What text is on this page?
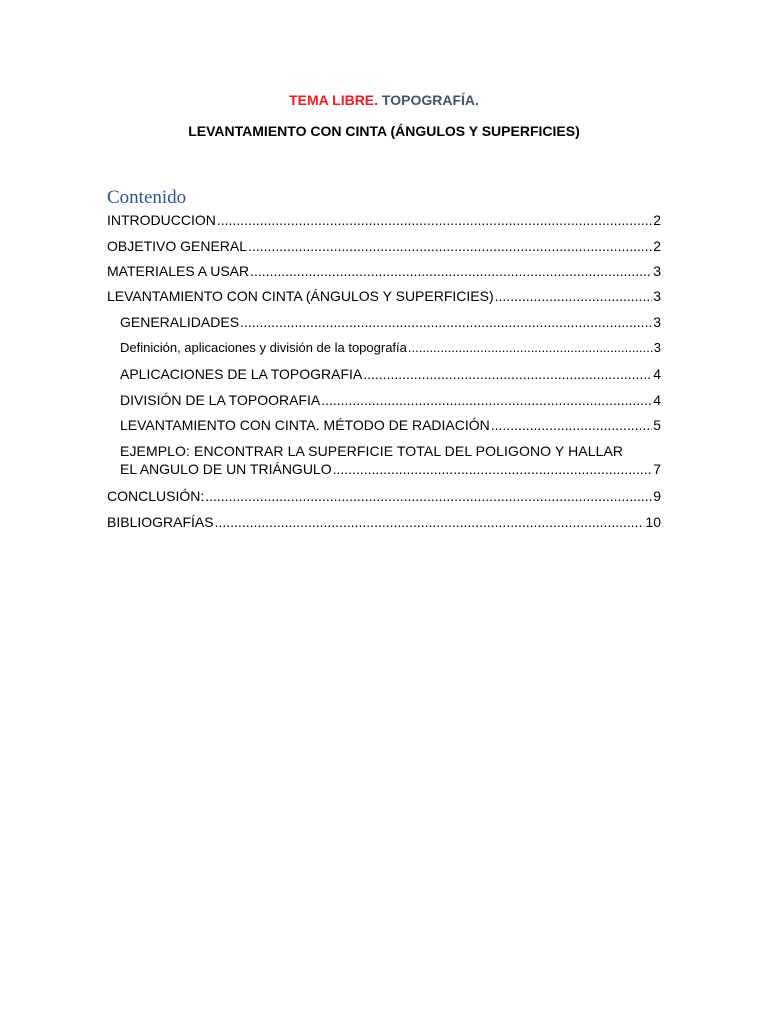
TEMA LIBRE. TOPOGRAFÍA.
LEVANTAMIENTO CON CINTA (ÁNGULOS Y SUPERFICIES)
Contenido
INTRODUCCION .....	2
OBJETIVO GENERAL .....	2
MATERIALES A USAR .....	3
LEVANTAMIENTO CON CINTA (ÁNGULOS Y SUPERFICIES) .....	3
GENERALIDADES .....	3
Definición, aplicaciones y división de la topografía .....	3
APLICACIONES DE LA TOPOGRAFIA .....	4
DIVISIÓN DE LA TOPOORAFIA .....	4
LEVANTAMIENTO CON CINTA. MÉTODO DE RADIACIÓN .....	5
EJEMPLO: ENCONTRAR LA SUPERFICIE TOTAL DEL POLIGONO Y HALLAR
EL ANGULO DE UN TRIÁNGULO .....	7
CONCLUSIÓN: .....	9
BIBLIOGRAFÍAS .....	10
